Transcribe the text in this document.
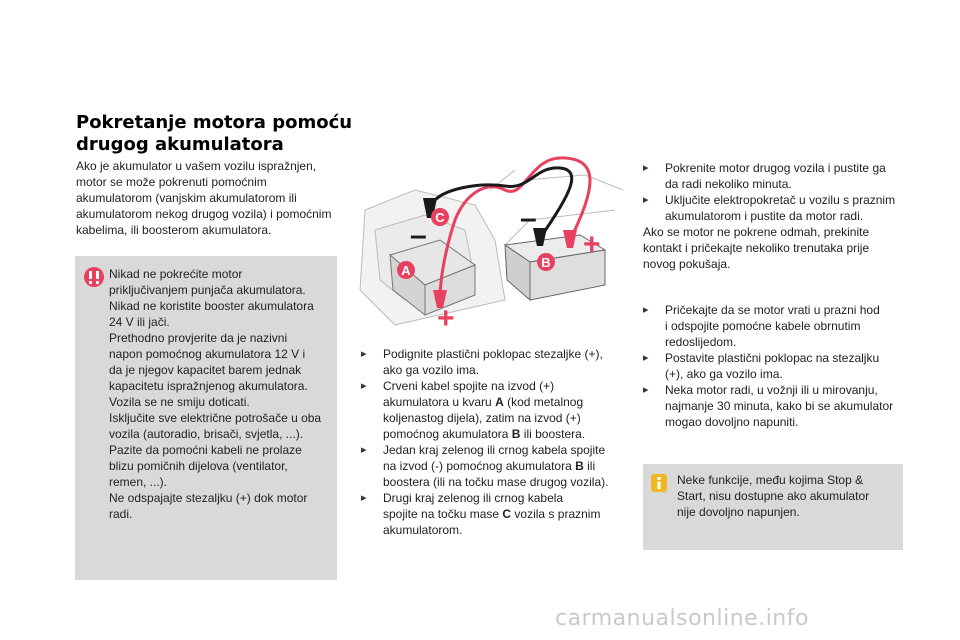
Pokretanje motora pomoću
drugog akumulatora
Ako je akumulator u vašem vozilu ispražnjen,
motor se može pokrenuti pomoćnim
akumulatorom (vanjskim akumulatorom ili
akumulatorom nekog drugog vozila) i pomoćnim
kabelima, ili boosterom akumulatora.
Nikad ne pokrećite motor
priključivanjem punjača akumulatora.
Nikad ne koristite booster akumulatora
24 V ili jači.
Prethodno provjerite da je nazivni
napon pomoćnog akumulatora 12 V i
da je njegov kapacitet barem jednak
kapacitetu ispražnjenog akumulatora.
Vozila se ne smiju doticati.
Isključite sve električne potrošače u oba
vozila (autoradio, brisači, svjetla, ...).
Pazite da pomoćni kabeli ne prolaze
blizu pomičnih dijelova (ventilator,
remen, ...).
Ne odspajajte stezaljku (+) dok motor
radi.
–
–
+
+
C
A
B
▸ Podignite plastični poklopac stezaljke (+),
ako ga vozilo ima.
▸ Crveni kabel spojite na izvod (+)
akumulatora u kvaru A (kod metalnog
koljenastog dijela), zatim na izvod (+)
pomoćnog akumulatora B ili boostera.
▸ Jedan kraj zelenog ili crnog kabela spojite
na izvod (-) pomoćnog akumulatora B ili
boostera (ili na točku mase drugog vozila).
▸ Drugi kraj zelenog ili crnog kabela
spojite na točku mase C vozila s praznim
akumulatorom.
▸ Pokrenite motor drugog vozila i pustite ga
da radi nekoliko minuta.
▸ Uključite elektropokretač u vozilu s praznim
akumulatorom i pustite da motor radi.
Ako se motor ne pokrene odmah, prekinite
kontakt i pričekajte nekoliko trenutaka prije
novog pokušaja.
▸ Pričekajte da se motor vrati u prazni hod
i odspojite pomoćne kabele obrnutim
redoslijedom.
▸ Postavite plastični poklopac na stezaljku
(+), ako ga vozilo ima.
▸ Neka motor radi, u vožnji ili u mirovanju,
najmanje 30 minuta, kako bi se akumulator
mogao dovoljno napuniti.
Neke funkcije, među kojima Stop &
Start, nisu dostupne ako akumulator
nije dovoljno napunjen.
carmanualsonline.info
